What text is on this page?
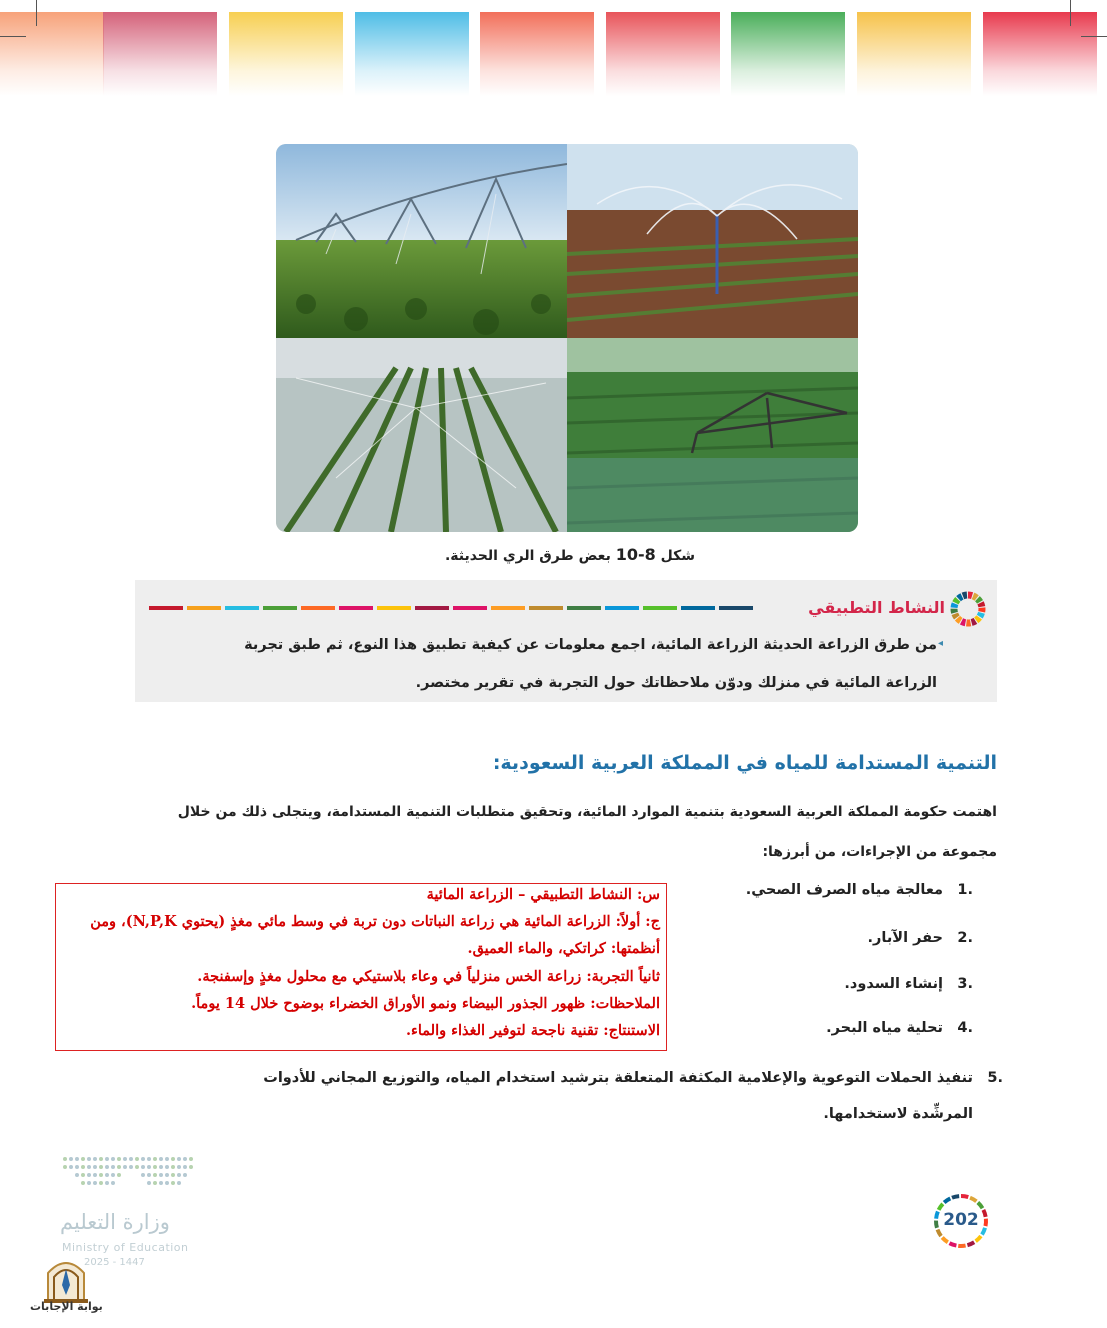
شكل 8-10 بعض طرق الري الحديثة.
النشاط التطبيقي
◂
من طرق الزراعة الحديثة الزراعة المائية، اجمع معلومات عن كيفية تطبيق هذا النوع، ثم طبق تجربة
الزراعة المائية في منزلك ودوّن ملاحظاتك حول التجربة في تقرير مختصر.
التنمية المستدامة للمياه في المملكة العربية السعودية:
اهتمت حكومة المملكة العربية السعودية بتنمية الموارد المائية، وتحقيق متطلبات التنمية المستدامة، ويتجلى ذلك من خلال
مجموعة من الإجراءات، من أبرزها:
.1معالجة مياه الصرف الصحي.
.2حفر الآبار.
.3إنشاء السدود.
.4تحلية مياه البحر.
.5
تنفيذ الحملات التوعوية والإعلامية المكثفة المتعلقة بترشيد استخدام المياه، والتوزيع المجاني للأدوات
المرشِّدة لاستخدامها.
س: النشاط التطبيقي – الزراعة المائية
ج: أولاً: الزراعة المائية هي زراعة النباتات دون تربة في وسط مائي مغذٍ (يحتوي N,P,K)، ومن
أنظمتها: كراتكي، والماء العميق.
ثانياً التجربة: زراعة الخس منزلياً في وعاء بلاستيكي مع محلول مغذٍ وإسفنجة.
الملاحظات: ظهور الجذور البيضاء ونمو الأوراق الخضراء بوضوح خلال 14 يوماً.
الاستنتاج: تقنية ناجحة لتوفير الغذاء والماء.
وزارة التعليم
Ministry of Education
2025 - 1447
بوابة الإجابات
202
